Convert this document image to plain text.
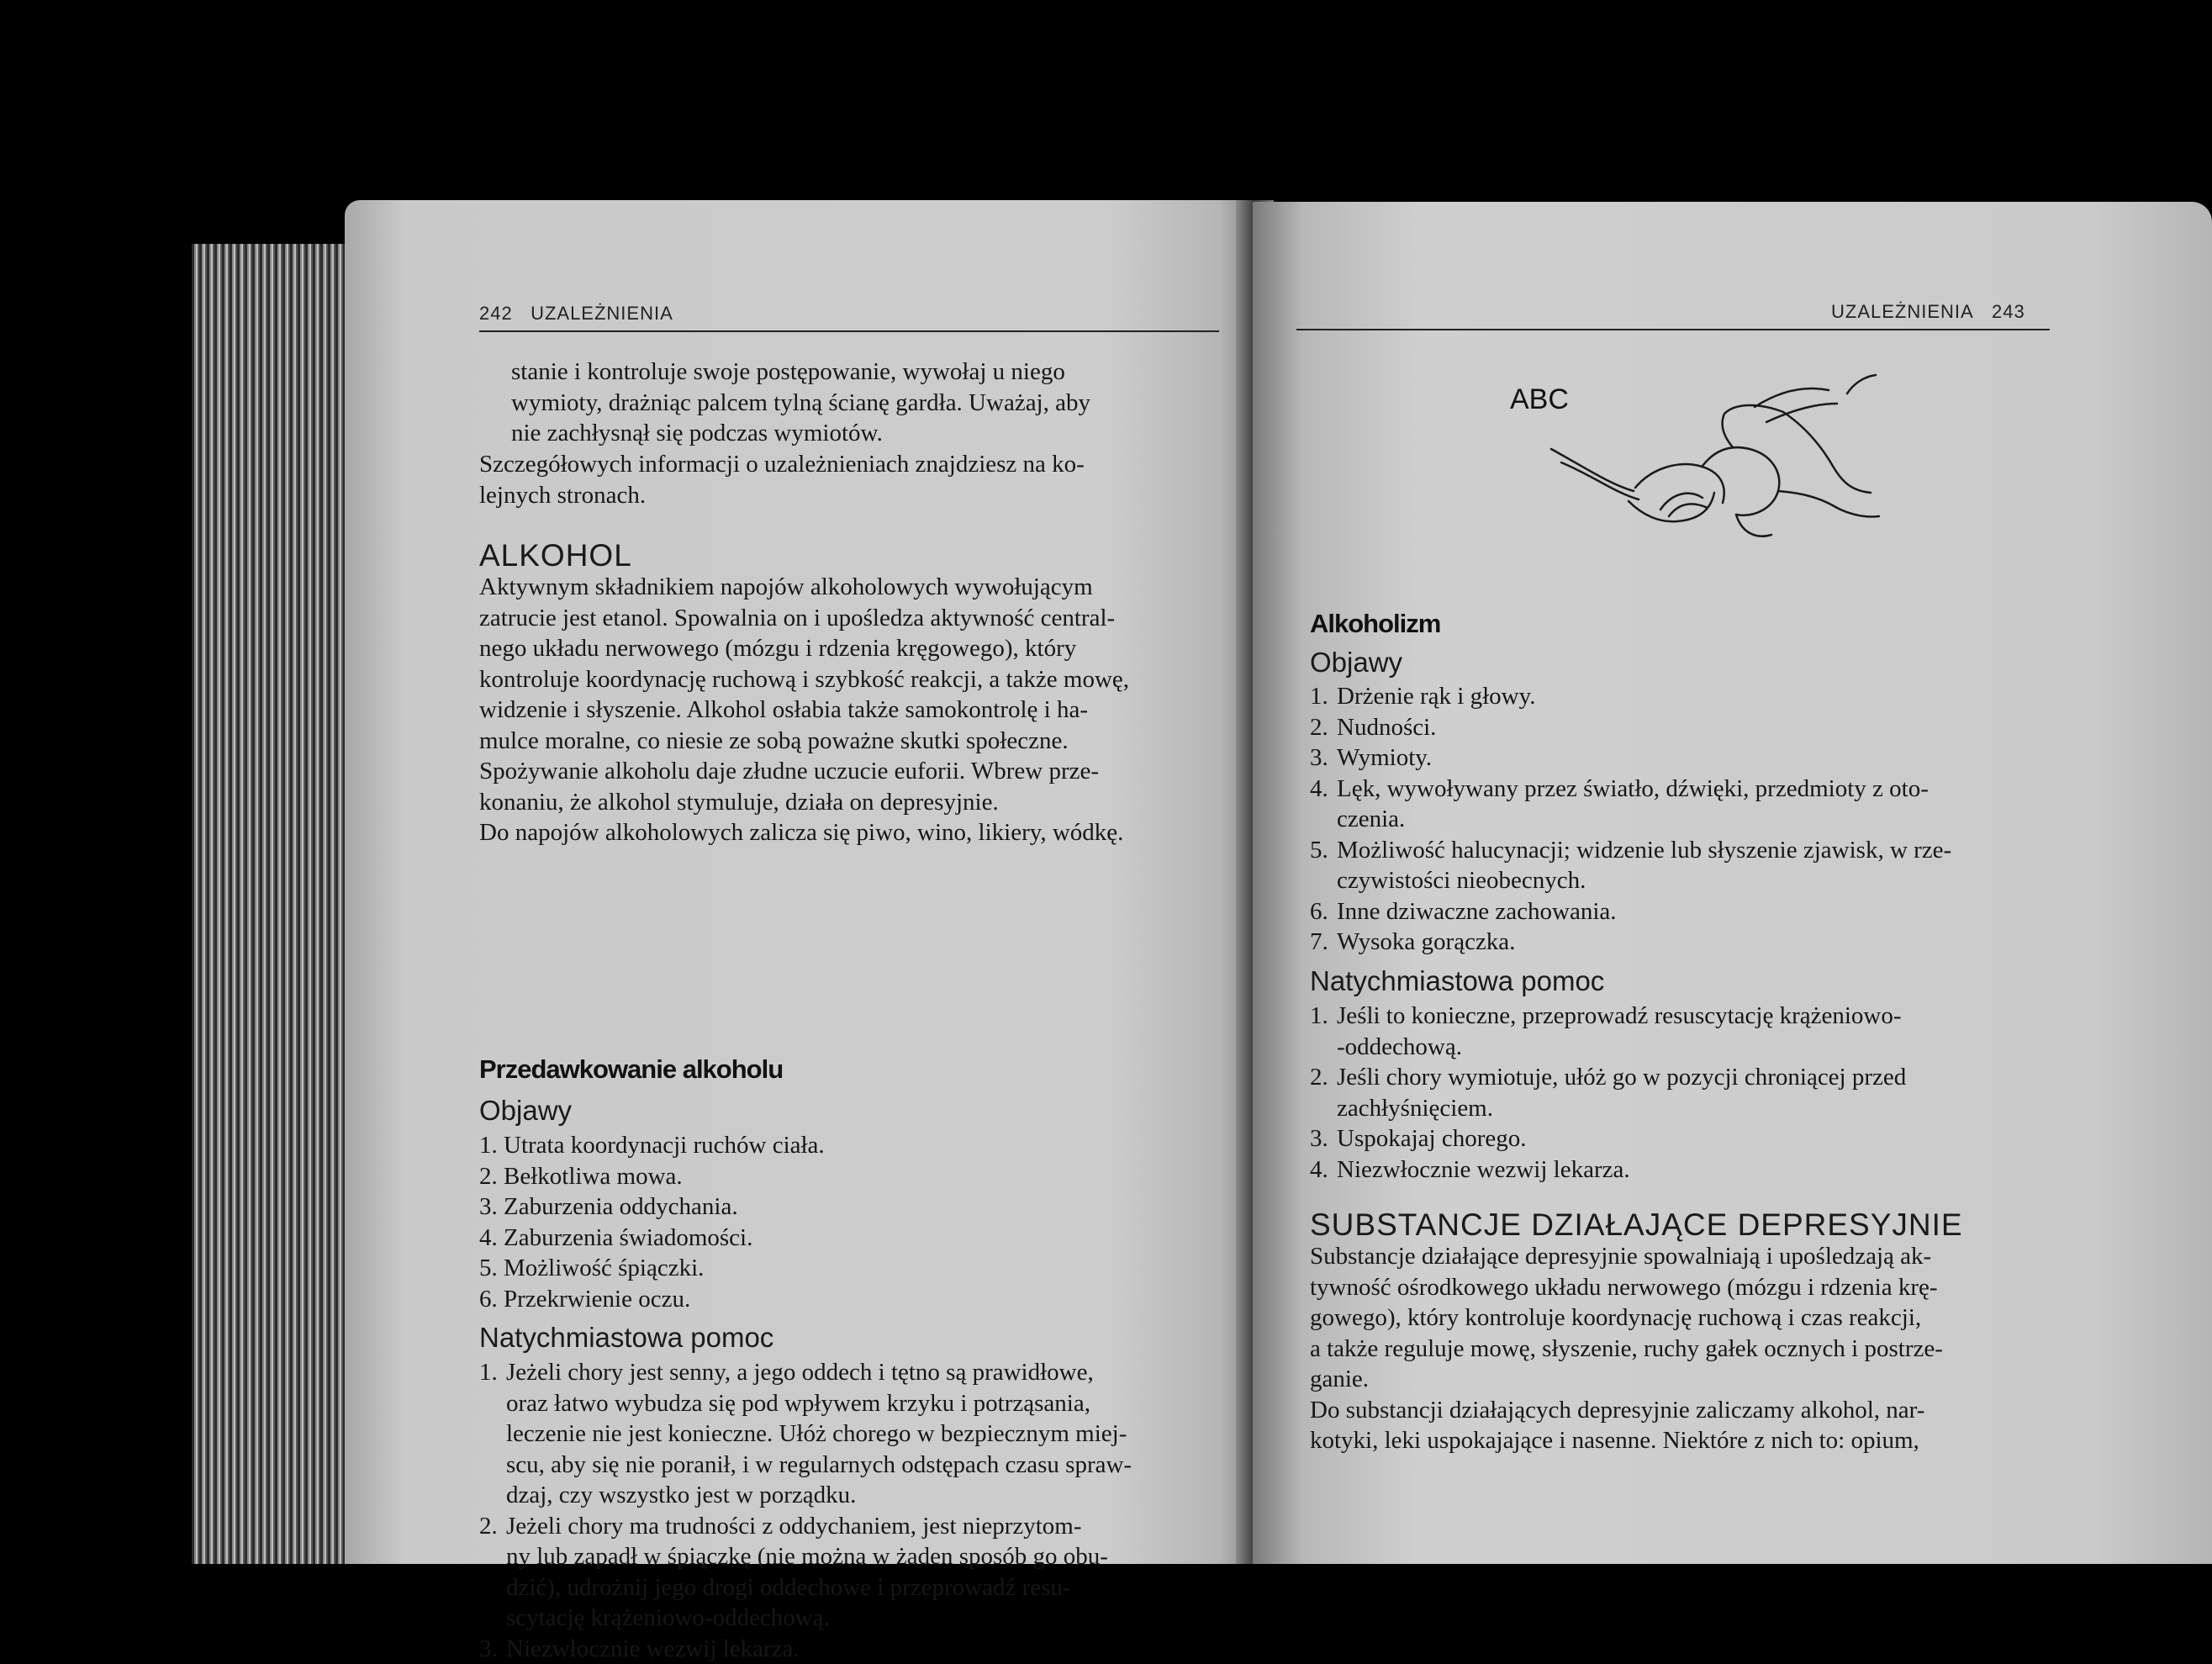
242 UZALEŻNIENIA
stanie i kontroluje swoje postępowanie, wywołaj u niego
wymioty, drażniąc palcem tylną ścianę gardła. Uważaj, aby
nie zachłysnął się podczas wymiotów.
Szczegółowych informacji o uzależnieniach znajdziesz na ko-
lejnych stronach.
ALKOHOL
Aktywnym składnikiem napojów alkoholowych wywołującym
zatrucie jest etanol. Spowalnia on i upośledza aktywność central-
nego układu nerwowego (mózgu i rdzenia kręgowego), który
kontroluje koordynację ruchową i szybkość reakcji, a także mowę,
widzenie i słyszenie. Alkohol osłabia także samokontrolę i ha-
mulce moralne, co niesie ze sobą poważne skutki społeczne.
Spożywanie alkoholu daje złudne uczucie euforii. Wbrew prze-
konaniu, że alkohol stymuluje, działa on depresyjnie.
Do napojów alkoholowych zalicza się piwo, wino, likiery, wódkę.
Przedawkowanie alkoholu
Objawy
1. Utrata koordynacji ruchów ciała.
2. Bełkotliwa mowa.
3. Zaburzenia oddychania.
4. Zaburzenia świadomości.
5. Możliwość śpiączki.
6. Przekrwienie oczu.
Natychmiastowa pomoc
1. Jeżeli chory jest senny, a jego oddech i tętno są prawidłowe,
oraz łatwo wybudza się pod wpływem krzyku i potrząsania,
leczenie nie jest konieczne. Ułóż chorego w bezpiecznym miej-
scu, aby się nie poranił, i w regularnych odstępach czasu spraw-
dzaj, czy wszystko jest w porządku.
2. Jeżeli chory ma trudności z oddychaniem, jest nieprzytom-
ny lub zapadł w śpiączkę (nie można w żaden sposób go obu-
dzić), udrożnij jego drogi oddechowe i przeprowadź resu-
scytację krążeniowo-oddechową.
3. Niezwłocznie wezwij lekarza.
UZALEŻNIENIA 243
ABC
Alkoholizm
Objawy
1. Drżenie rąk i głowy.
2. Nudności.
3. Wymioty.
4. Lęk, wywoływany przez światło, dźwięki, przedmioty z oto-
czenia.
5. Możliwość halucynacji; widzenie lub słyszenie zjawisk, w rze-
czywistości nieobecnych.
6. Inne dziwaczne zachowania.
7. Wysoka gorączka.
Natychmiastowa pomoc
1. Jeśli to konieczne, przeprowadź resuscytację krążeniowo-
-oddechową.
2. Jeśli chory wymiotuje, ułóż go w pozycji chroniącej przed
zachłyśnięciem.
3. Uspokajaj chorego.
4. Niezwłocznie wezwij lekarza.
SUBSTANCJE DZIAŁAJĄCE DEPRESYJNIE
Substancje działające depresyjnie spowalniają i upośledzają ak-
tywność ośrodkowego układu nerwowego (mózgu i rdzenia krę-
gowego), który kontroluje koordynację ruchową i czas reakcji,
a także reguluje mowę, słyszenie, ruchy gałek ocznych i postrze-
ganie.
Do substancji działających depresyjnie zaliczamy alkohol, nar-
kotyki, leki uspokajające i nasenne. Niektóre z nich to: opium,
